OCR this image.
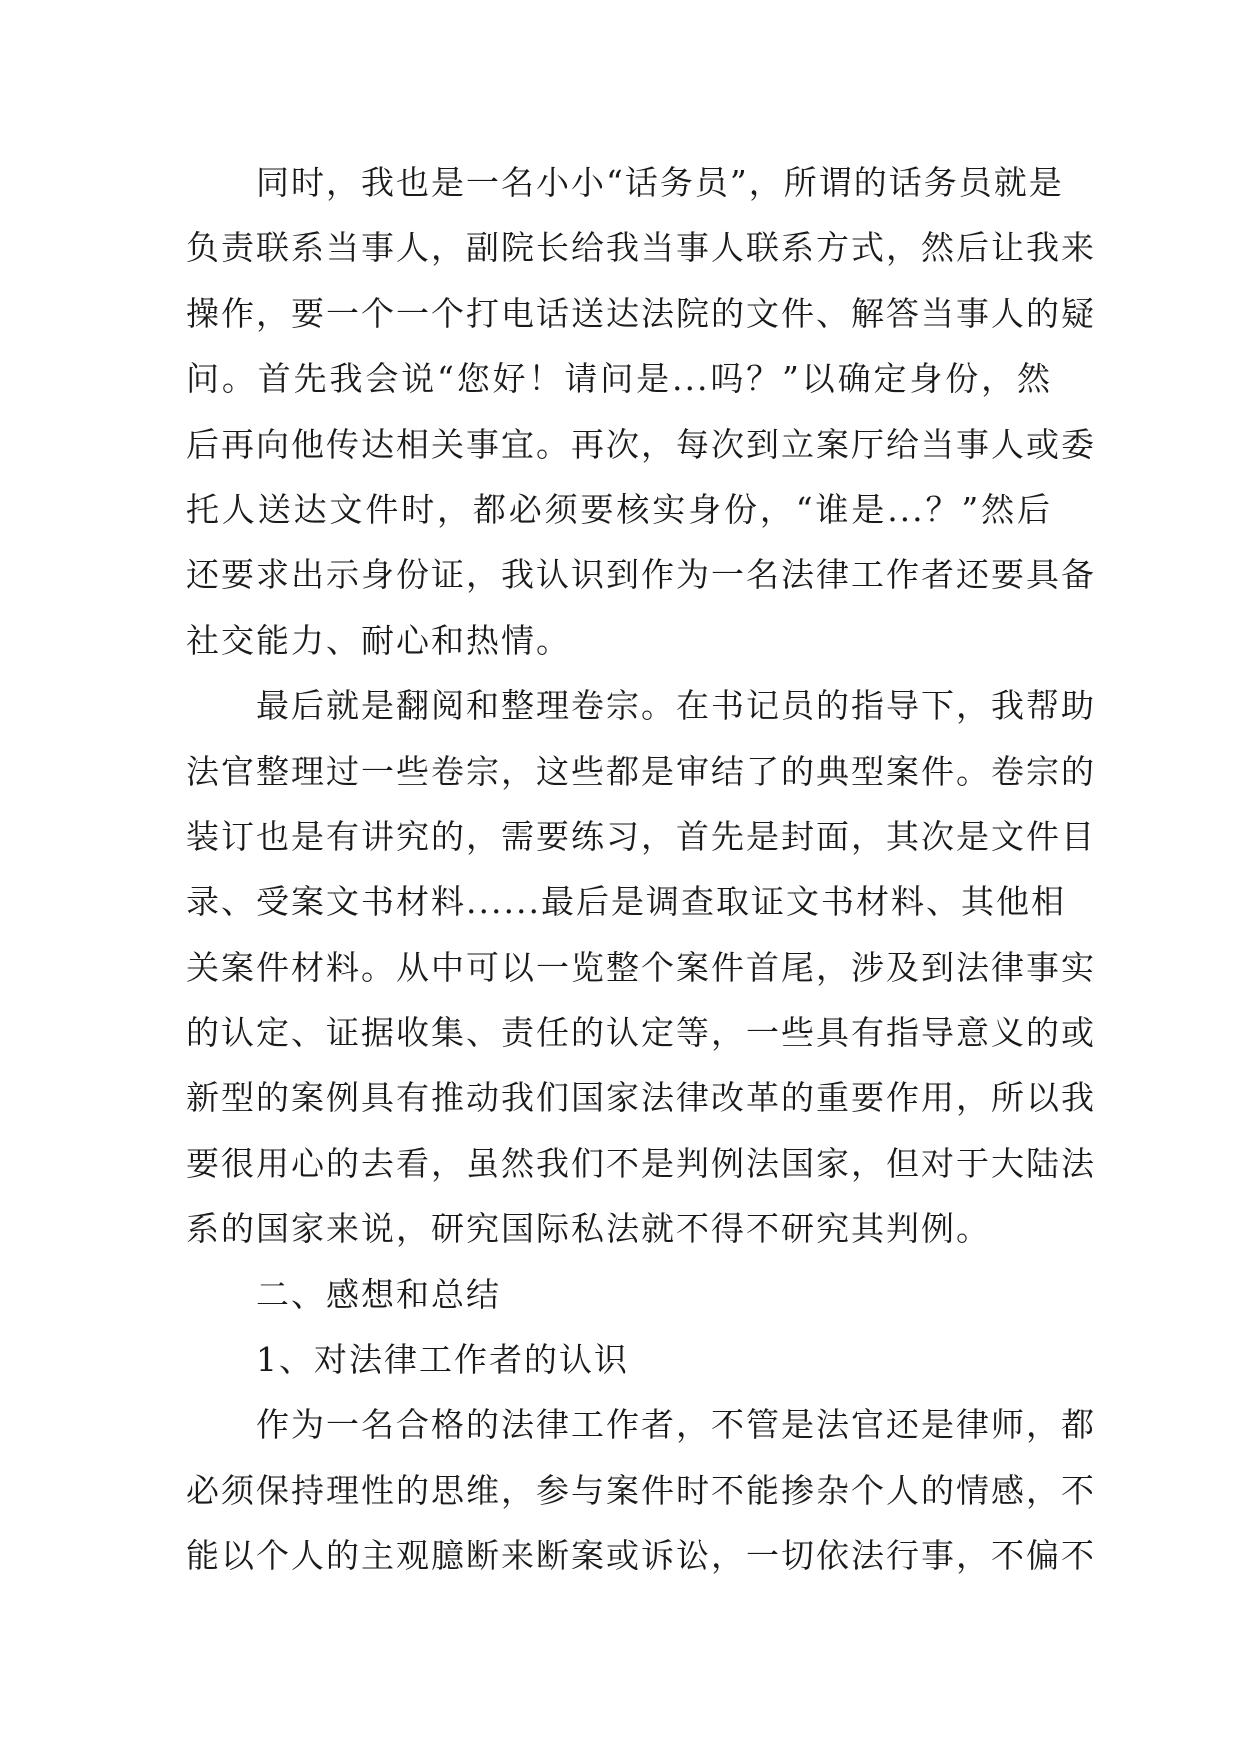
同时，我也是一名小小“话务员”，所谓的话务员就是
负责联系当事人，副院长给我当事人联系方式，然后让我来
操作，要一个一个打电话送达法院的文件、解答当事人的疑
问。首先我会说“您好！请问是...吗？”以确定身份，然
后再向他传达相关事宜。再次，每次到立案厅给当事人或委
托人送达文件时，都必须要核实身份，“谁是...？”然后
还要求出示身份证，我认识到作为一名法律工作者还要具备
社交能力、耐心和热情。
最后就是翻阅和整理卷宗。在书记员的指导下，我帮助
法官整理过一些卷宗，这些都是审结了的典型案件。卷宗的
装订也是有讲究的，需要练习，首先是封面，其次是文件目
录、受案文书材料......最后是调查取证文书材料、其他相
关案件材料。从中可以一览整个案件首尾，涉及到法律事实
的认定、证据收集、责任的认定等，一些具有指导意义的或
新型的案例具有推动我们国家法律改革的重要作用，所以我
要很用心的去看，虽然我们不是判例法国家，但对于大陆法
系的国家来说，研究国际私法就不得不研究其判例。
二、感想和总结
1、对法律工作者的认识
作为一名合格的法律工作者，不管是法官还是律师，都
必须保持理性的思维，参与案件时不能掺杂个人的情感，不
能以个人的主观臆断来断案或诉讼，一切依法行事，不偏不
